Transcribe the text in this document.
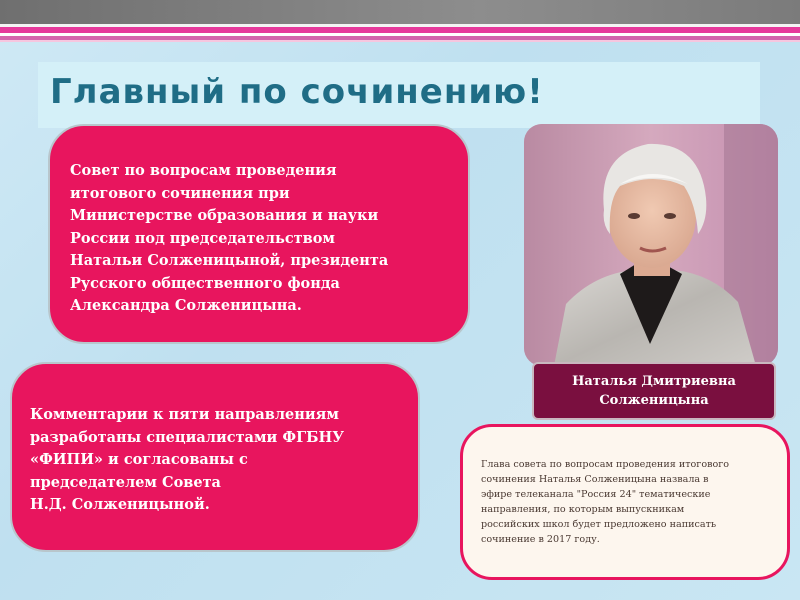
Главный по сочинению!
Совет по вопросам проведения
итогового сочинения при
Министерстве образования и науки
России под председательством
Натальи Солженицыной, президента
Русского общественного фонда
Александра Солженицына.
Комментарии к пяти направлениям
разработаны специалистами ФГБНУ
«ФИПИ» и согласованы с
председателем Совета
Н.Д. Солженицыной.
Наталья Дмитриевна
Солженицына
Глава совета по вопросам проведения итогового
сочинения Наталья Солженицына назвала в
эфире телеканала "Россия 24" тематические
направления, по которым выпускникам
российских школ будет предложено написать
сочинение в 2017 году.
